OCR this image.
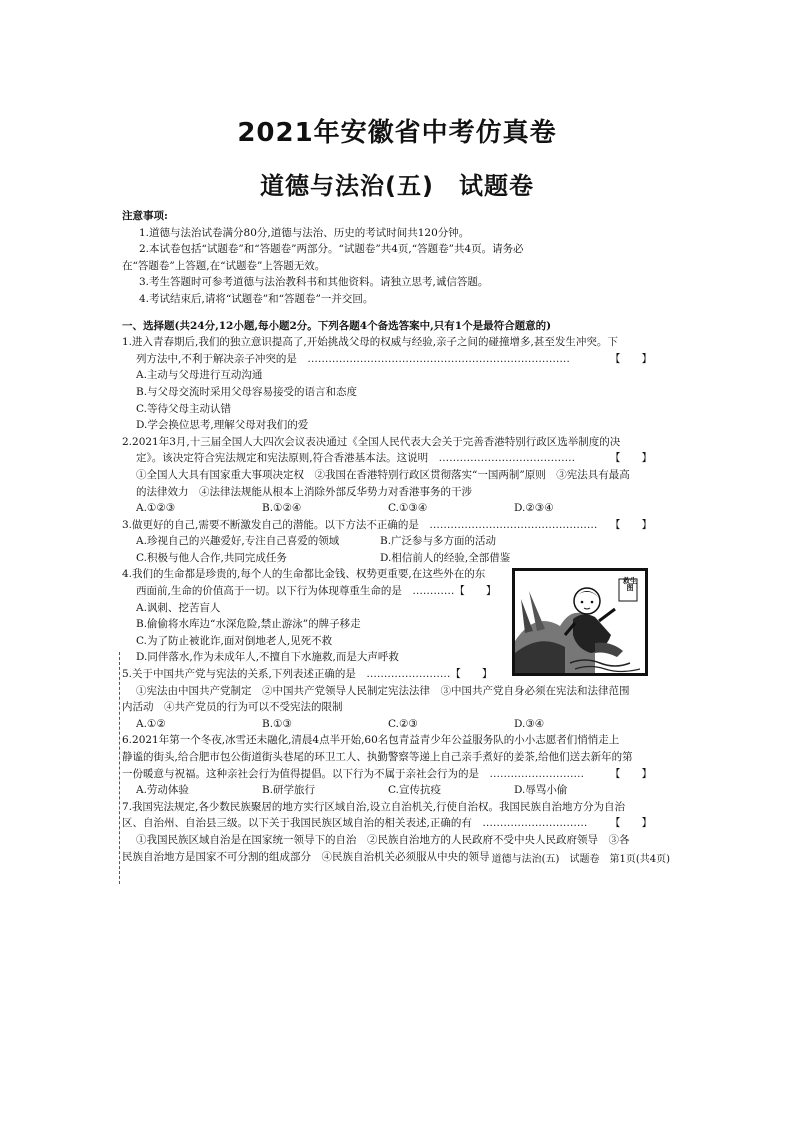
2021年安徽省中考仿真卷
道德与法治(五)　试题卷
注意事项:
1.道德与法治试卷满分80分,道德与法治、历史的考试时间共120分钟。
2.本试卷包括“试题卷”和“答题卷”两部分。“试题卷”共4页,“答题卷”共4页。请务必
在“答题卷”上答题,在“试题卷”上答题无效。
3.考生答题时可参考道德与法治教科书和其他资料。请独立思考,诚信答题。
4.考试结束后,请将“试题卷”和“答题卷”一并交回。
一、选择题(共24分,12小题,每小题2分。下列各题4个备选答案中,只有1个是最符合题意的)
1.进入青春期后,我们的独立意识提高了,开始挑战父母的权威与经验,亲子之间的碰撞增多,甚至发生冲突。下
列方法中,不利于解决亲子冲突的是　…………………………………………………………………	【　　】
A.主动与父母进行互动沟通
B.与父母交流时采用父母容易接受的语言和态度
C.等待父母主动认错
D.学会换位思考,理解父母对我们的爱
2.2021年3月,十三届全国人大四次会议表决通过《全国人民代表大会关于完善香港特别行政区选举制度的决
定》。该决定符合宪法规定和宪法原则,符合香港基本法。这说明　…………………………………	【　　】
①全国人大具有国家重大事项决定权　②我国在香港特别行政区贯彻落实“一国两制”原则　③宪法具有最高
的法律效力　④法律法规能从根本上消除外部反华势力对香港事务的干涉
A.①②③	B.①②④	C.①③④	D.②③④
3.做更好的自己,需要不断激发自己的潜能。以下方法不正确的是　………………………………………… 【　　】
A.珍视自己的兴趣爱好,专注自己喜爱的领域	B.广泛参与多方面的活动
C.积极与他人合作,共同完成任务	D.相信前人的经验,全部借鉴
4.我们的生命都是珍贵的,每个人的生命都比金钱、权势更重要,在这些外在的东
西面前,生命的价值高于一切。以下行为体现尊重生命的是　…………【　　】
A.讽刺、挖苦盲人
B.偷偷将水库边“水深危险,禁止游泳”的牌子移走
C.为了防止被讹诈,面对倒地老人,见死不救
D.同伴落水,作为未成年人,不擅自下水施救,而是大声呼救
5.关于中国共产党与宪法的关系,下列表述正确的是　……………………【　　】
救生图
①宪法由中国共产党制定　②中国共产党领导人民制定宪法法律　③中国共产党自身必须在宪法和法律范围
内活动　④共产党员的行为可以不受宪法的限制
A.①②	B.①③	C.②③	D.③④
6.2021年第一个冬夜,冰雪还未融化,清晨4点半开始,60名包青益青少年公益服务队的小小志愿者们悄悄走上
静谧的街头,给合肥市包公街道街头巷尾的环卫工人、执勤警察等递上自己亲手煮好的姜茶,给他们送去新年的第
一份暖意与祝福。这种亲社会行为值得提倡。以下行为不属于亲社会行为的是　……………………… 【　　】
A.劳动体验	B.研学旅行	C.宣传抗疫	D.辱骂小偷
7.我国宪法规定,各少数民族聚居的地方实行区域自治,设立自治机关,行使自治权。我国民族自治地方分为自治
区、自治州、自治县三级。以下关于我国民族区域自治的相关表述,正确的有　………………………… 【　　】
①我国民族区域自治是在国家统一领导下的自治　②民族自治地方的人民政府不受中央人民政府领导　③各
民族自治地方是国家不可分割的组成部分　④民族自治机关必须服从中央的领导 道德与法治(五)　试题卷　第1页(共4页)
